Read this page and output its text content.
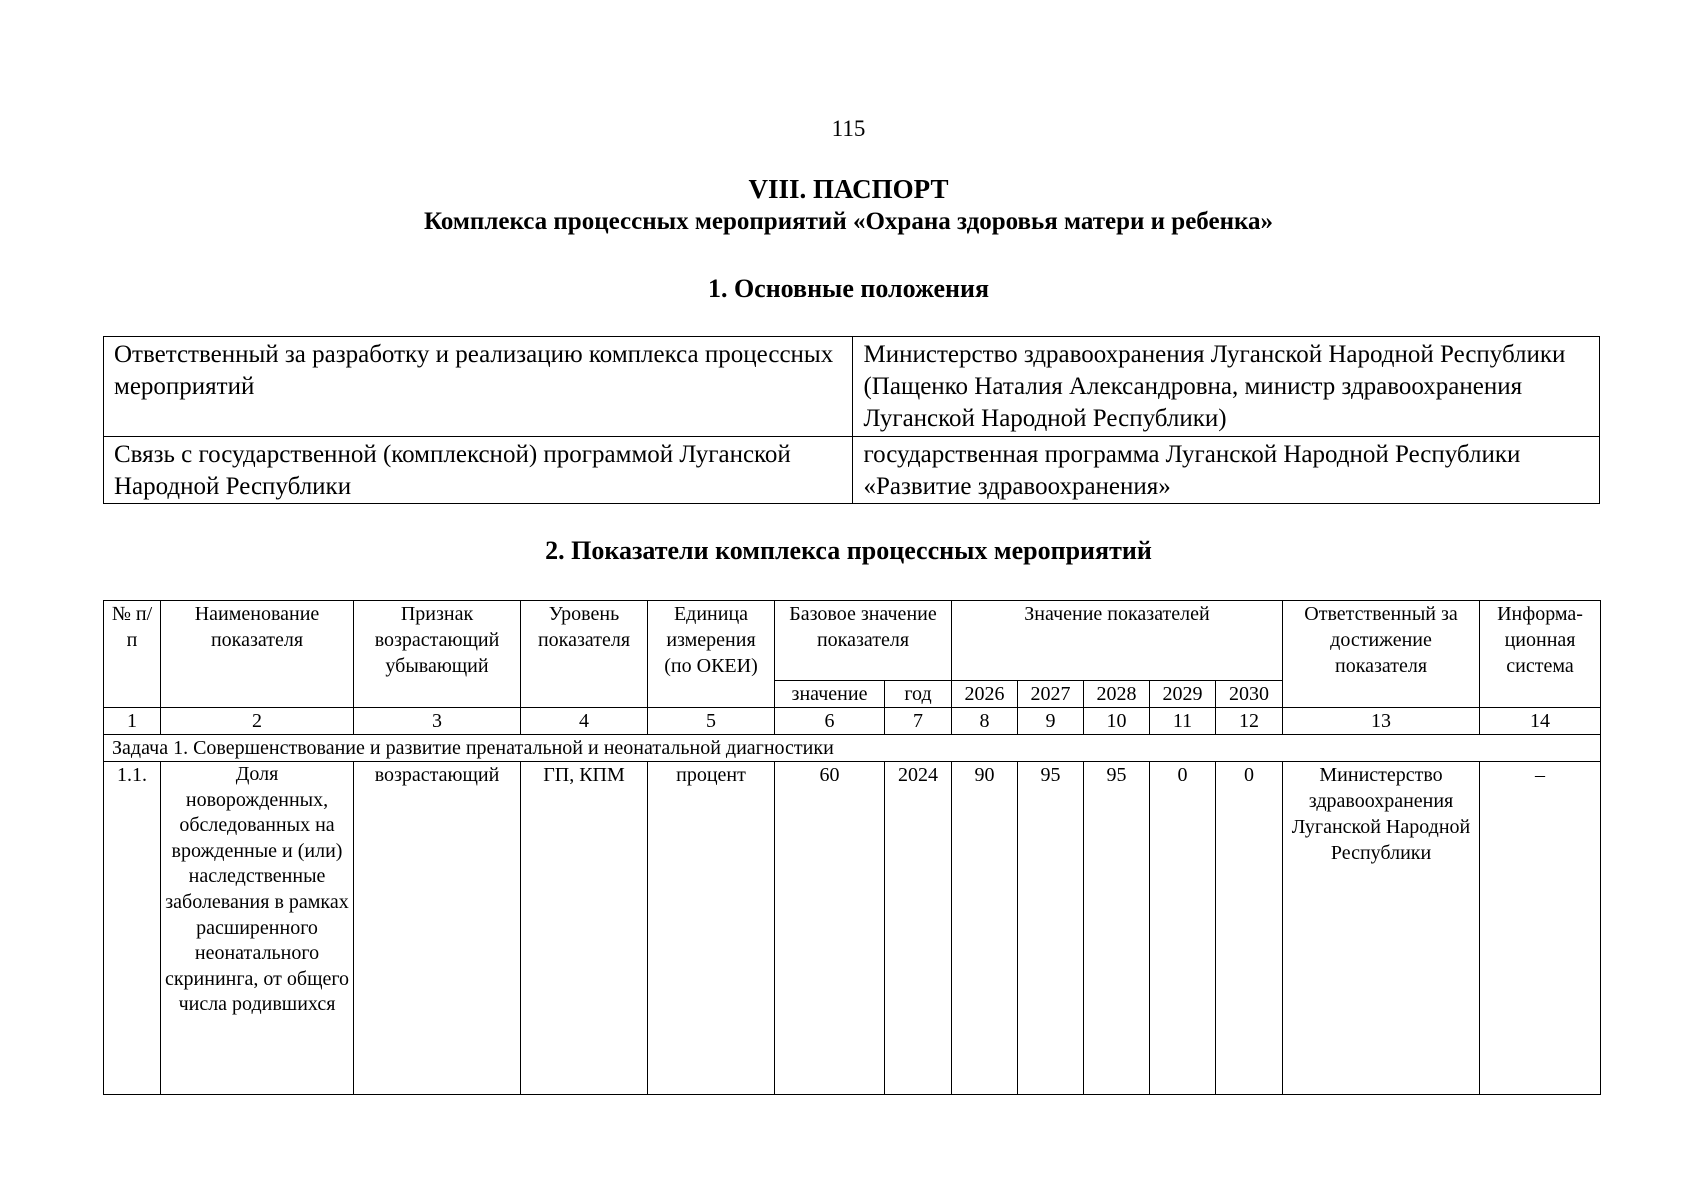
115
VIII. ПАСПОРТ
Комплекса процессных мероприятий «Охрана здоровья матери и ребенка»
1. Основные положения
Ответственный за разработку и реализацию комплекса процессных мероприятий	Министерство здравоохранения Луганской Народной Республики (Пащенко Наталия Александровна, министр здравоохранения Луганской Народной Республики)
Связь с государственной (комплексной) программой Луганской Народной Республики	государственная программа Луганской Народной Республики «Развитие здравоохранения»
2. Показатели комплекса процессных мероприятий
№ п/п	Наименование показателя	Признак возрастающий убывающий	Уровень показателя	Единица измерения (по ОКЕИ)	Базовое значение показателя		Значение показателей					Ответственный за достижение показателя	Информа-ционная система
					значение	год	2026	2027	2028	2029	2030		
1	2	3	4	5	6	7	8	9	10	11	12	13	14
Задача 1. Совершенствование и развитие пренатальной и неонатальной диагностики													
1.1.	Доля новорожденных, обследованных на врожденные и (или) наследственные заболевания в рамках расширенного неонатального скрининга, от общего числа родившихся	возрастающий	ГП, КПМ	процент	60	2024	90	95	95	0	0	Министерство здравоохранения Луганской Народной Республики	–
